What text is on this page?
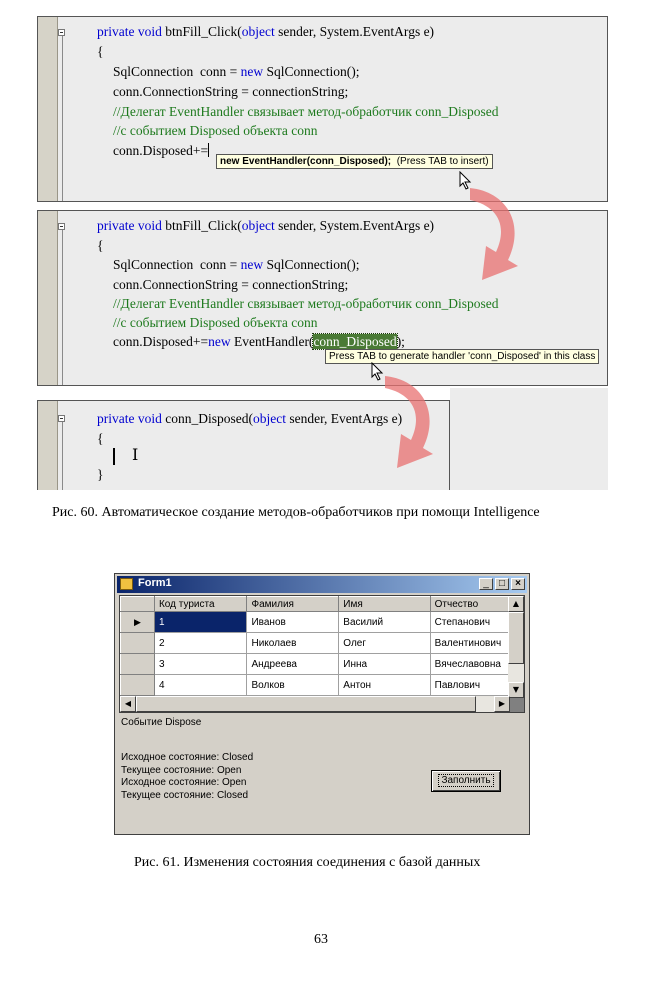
private void btnFill_Click(object sender, System.EventArgs e)
{
SqlConnection  conn = new SqlConnection();
conn.ConnectionString = connectionString;
//Делегат EventHandler связывает метод-обработчик conn_Disposed
//с событием Disposed объекта conn
conn.Disposed+=
new EventHandler(conn_Disposed); (Press TAB to insert)
private void btnFill_Click(object sender, System.EventArgs e)
{
SqlConnection  conn = new SqlConnection();
conn.ConnectionString = connectionString;
//Делегат EventHandler связывает метод-обработчик conn_Disposed
//с событием Disposed объекта conn
conn.Disposed+=new EventHandler(conn_Disposed);
Press TAB to generate handler 'conn_Disposed' in this class
private void conn_Disposed(object sender, EventArgs e)
{
I
}
Рис. 60. Автоматическое создание методов-обработчиков при помощи Intelligence
Form1	_	□	×
	Код туриста	Фамилия	Имя	Отчество
▶	1	Иванов	Василий	Степанович
	2	Николаев	Олег	Валентинович
	3	Андреева	Инна	Вячеславовна
	4	Волков	Антон	Павлович
▲
▼
◀	▶
Событие Dispose
Исходное состояние: Closed
Текущее состояние: Open
Исходное состояние: Open
Текущее состояние: Closed
Заполнить
Рис. 61. Изменения состояния соединения с базой данных
63
